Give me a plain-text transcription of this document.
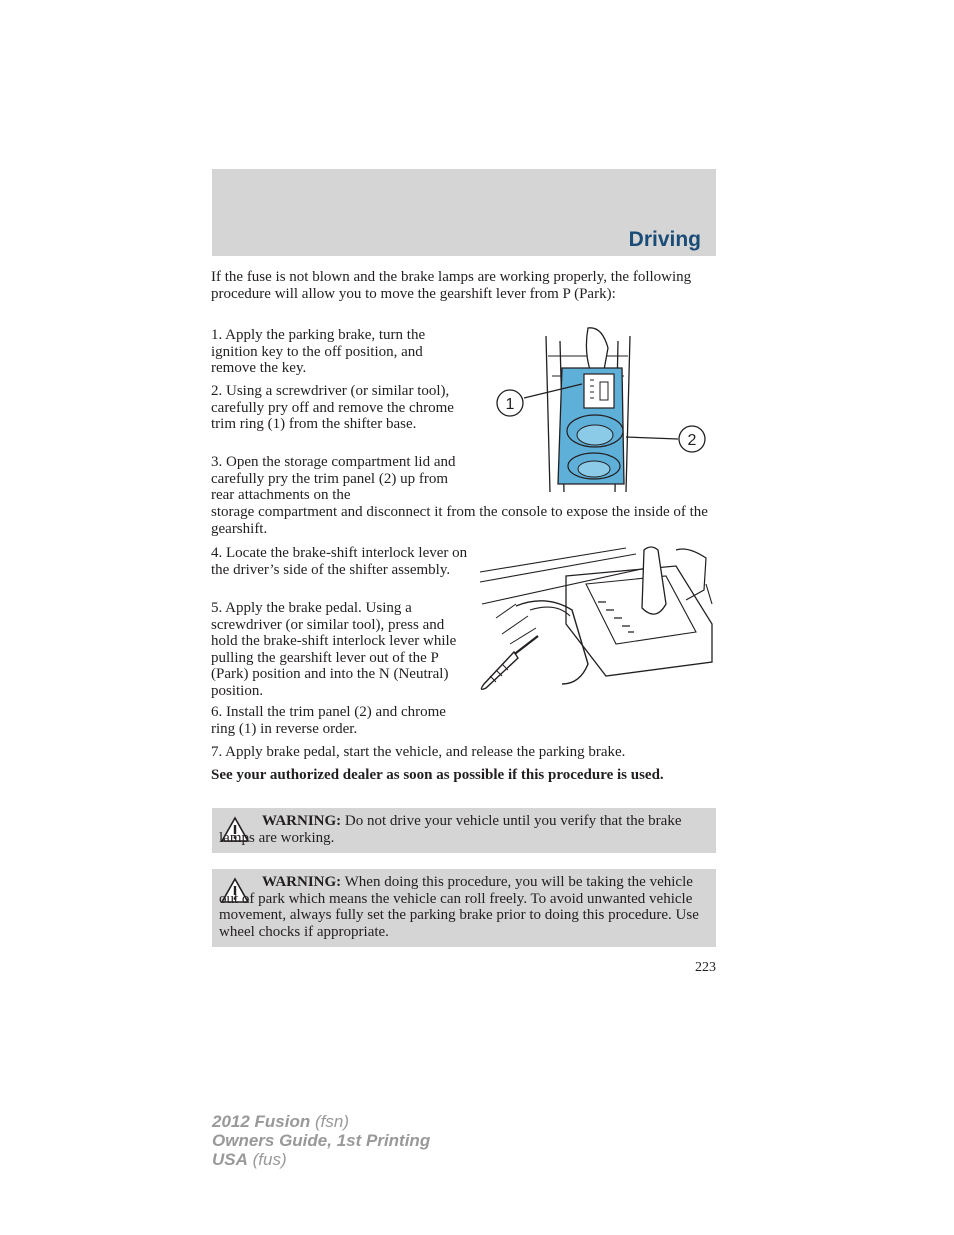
Driving

If the fuse is not blown and the brake lamps are working properly, the following procedure will allow you to move the gearshift lever from P (Park):

1. Apply the parking brake, turn the ignition key to the off position, and remove the key.

2. Using a screwdriver (or similar tool), carefully pry off and remove the chrome trim ring (1) from the shifter base.

3. Open the storage compartment lid and carefully pry the trim panel (2) up from rear attachments on the

storage compartment and disconnect it from the console to expose the inside of the gearshift.

1
2

4. Locate the brake-shift interlock lever on the driver’s side of the shifter assembly.

5. Apply the brake pedal. Using a screwdriver (or similar tool), press and hold the brake-shift interlock lever while pulling the gearshift lever out of the P (Park) position and into the N (Neutral) position.

6. Install the trim panel (2) and chrome ring (1) in reverse order.

7. Apply brake pedal, start the vehicle, and release the parking brake.

See your authorized dealer as soon as possible if this procedure is used.

WARNING: Do not drive your vehicle until you verify that the brake lamps are working.

WARNING: When doing this procedure, you will be taking the vehicle out of park which means the vehicle can roll freely. To avoid unwanted vehicle movement, always fully set the parking brake prior to doing this procedure. Use wheel chocks if appropriate.

223
2012 Fusion (fsn)
Owners Guide, 1st Printing
USA (fus)
